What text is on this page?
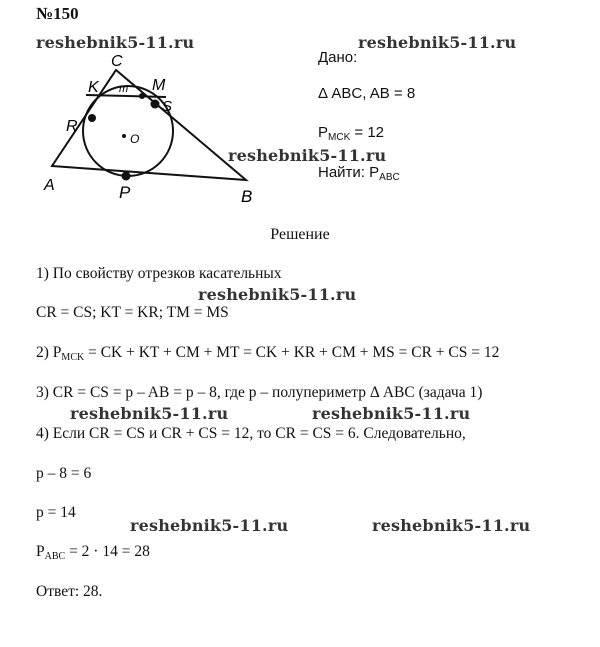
№150
reshebnik5-11.ru	reshebnik5-11.ru
reshebnik5-11.ru
reshebnik5-11.ru
reshebnik5-11.ru	reshebnik5-11.ru
reshebnik5-11.ru	reshebnik5-11.ru
C
K	M
т
S
R
O
A	P	B
Дано:
Δ ABC, AB = 8
$P_{MCK} = 12$
Найти: $P_{ABC}$
Решение
1) По свойству отрезков касательных
CR = CS; KT = KR; TM = MS
2) $P_{MCK}$ = CK + KT + CM + MT = CK + KR + CM + MS = CR + CS = 12
3) CR = CS = p – AB = p – 8, где p – полупериметр Δ ABC (задача 1)
4) Если CR = CS и CR + CS = 12, то CR = CS = 6. Следовательно,
p – 8 = 6
p = 14
$P_{ABC} = 2 \cdot 14 = 28$
Ответ: 28.
